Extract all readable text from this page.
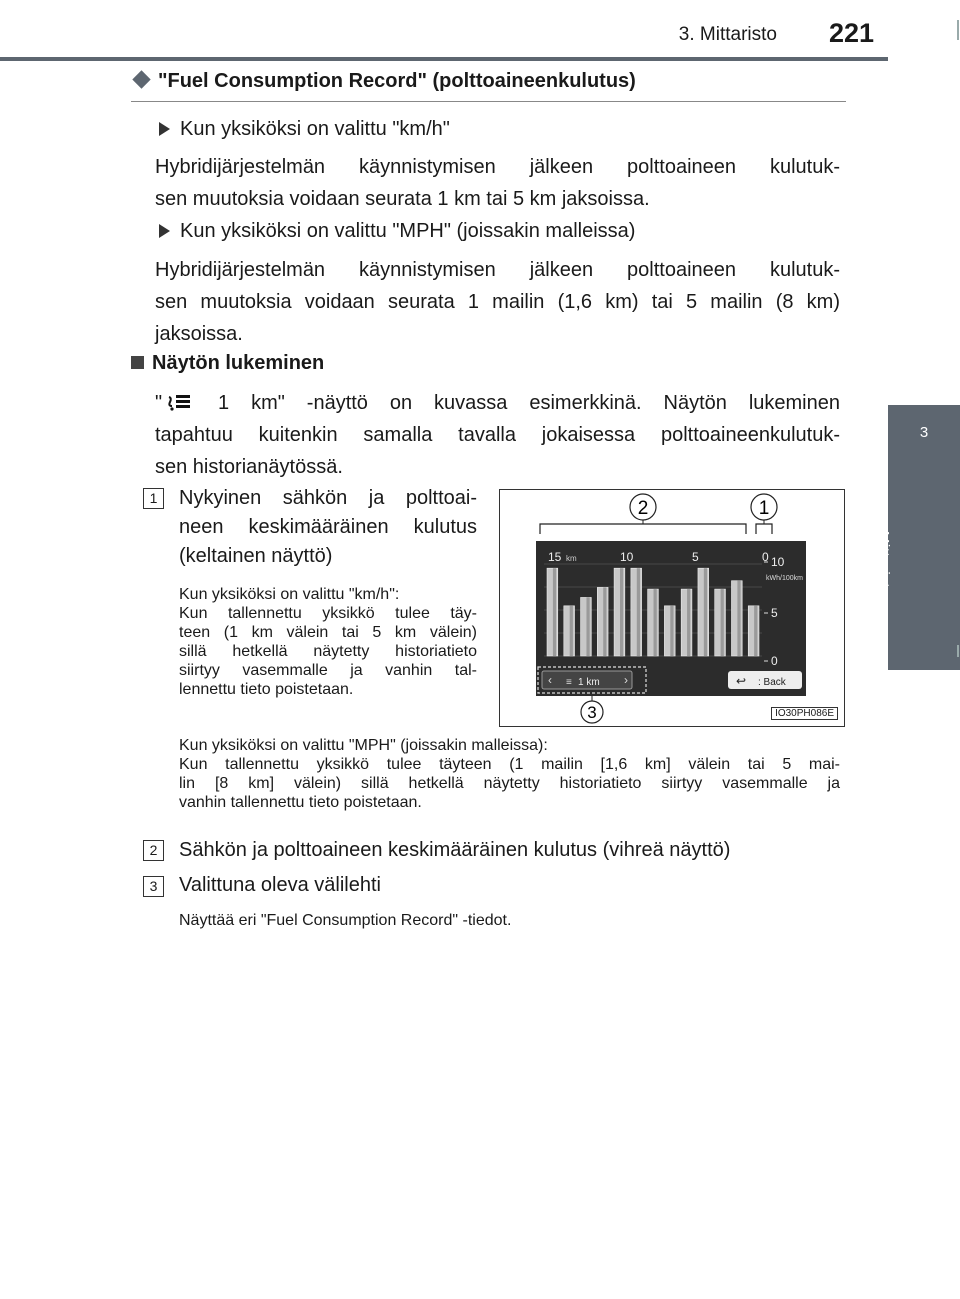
3. Mittaristo 221
3
Mittaristo
"Fuel Consumption Record" (polttoaineenkulutus)
Kun yksiköksi on valittu "km/h"
Hybridijärjestelmän käynnistymisen jälkeen polttoaineen kulutuk-
sen muutoksia voidaan seurata 1 km tai 5 km jaksoissa.
Kun yksiköksi on valittu "MPH" (joissakin malleissa)
Hybridijärjestelmän käynnistymisen jälkeen polttoaineen kulutuk-
sen muutoksia voidaan seurata 1 mailin (1,6 km) tai 5 mailin (8 km)
jaksoissa.
Näytön lukeminen
" 1 km" -näyttö on kuvassa esimerkkinä. Näytön lukeminen
tapahtuu kuitenkin samalla tavalla jokaisessa polttoaineenkulutuk-
sen historianäytössä.
1	Nykyinen sähkön ja polttoai-
neen keskimääräinen kulutus
(keltainen näyttö)
Kun yksiköksi on valittu "km/h":
Kun tallennettu yksikkö tulee täy-
teen (1 km välein tai 5 km välein)
sillä hetkellä näytetty historiatieto
siirtyy vasemmalle ja vanhin tal-
lennettu tieto poistetaan.
Kun yksiköksi on valittu "MPH" (joissakin malleissa):
Kun tallennettu yksikkö tulee täyteen (1 mailin [1,6 km] välein tai 5 mai-
lin [8 km] välein) sillä hetkellä näytetty historiatieto siirtyy vasemmalle ja
vanhin tallennettu tieto poistetaan.
2	1
15	10	5	0
km	10
5
0
kWh/100km
‹	›
≡ 1 km	↩ : Back
3	IO30PH086E
2	Sähkön ja polttoaineen keskimääräinen kulutus (vihreä näyttö)
3	Valittuna oleva välilehti
Näyttää eri "Fuel Consumption Record" -tiedot.
